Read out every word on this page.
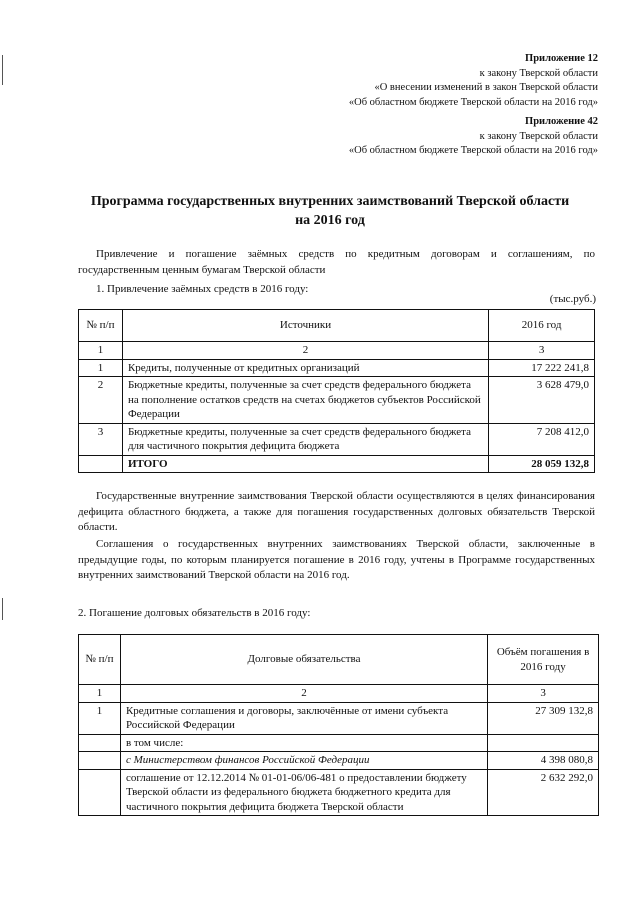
Приложение 12
к закону Тверской области
«О внесении изменений в закон Тверской области
«Об областном бюджете Тверской области на 2016 год»
Приложение 42
к закону Тверской области
«Об областном бюджете Тверской области на 2016 год»
Программа государственных внутренних заимствований Тверской области
на 2016 год
Привлечение и погашение заёмных средств по кредитным договорам и соглашениям, по государственным ценным бумагам Тверской области
1. Привлечение заёмных средств в 2016 году:
(тыс.руб.)
№ п/п	Источники	2016 год
1	2	3
1	Кредиты, полученные от кредитных организаций	17 222 241,8
2	Бюджетные кредиты, полученные за счет средств федерального бюджета на пополнение остатков средств на счетах бюджетов субъектов Российской Федерации	3 628 479,0
3	Бюджетные кредиты, полученные за счет средств федерального бюджета для частичного покрытия дефицита бюджета	7 208 412,0
	ИТОГО	28 059 132,8
Государственные внутренние заимствования Тверской области осуществляются в целях финансирования дефицита областного бюджета, а также для погашения государственных долговых обязательств Тверской области.
Соглашения о государственных внутренних заимствованиях Тверской области, заключенные в предыдущие годы, по которым планируется погашение в 2016 году, учтены в Программе государственных внутренних заимствований Тверской области на 2016 год.
2. Погашение долговых обязательств в 2016 году:
№ п/п	Долговые обязательства	Объём погашения в 2016 году
1	2	3
1	Кредитные соглашения и договоры, заключённые от имени субъекта Российской Федерации	27 309 132,8
	в том числе:	
	с Министерством финансов Российской Федерации	4 398 080,8
	соглашение от 12.12.2014 № 01-01-06/06-481 о предоставлении бюджету Тверской области из федерального бюджета бюджетного кредита для частичного покрытия дефицита бюджета Тверской области	2 632 292,0
